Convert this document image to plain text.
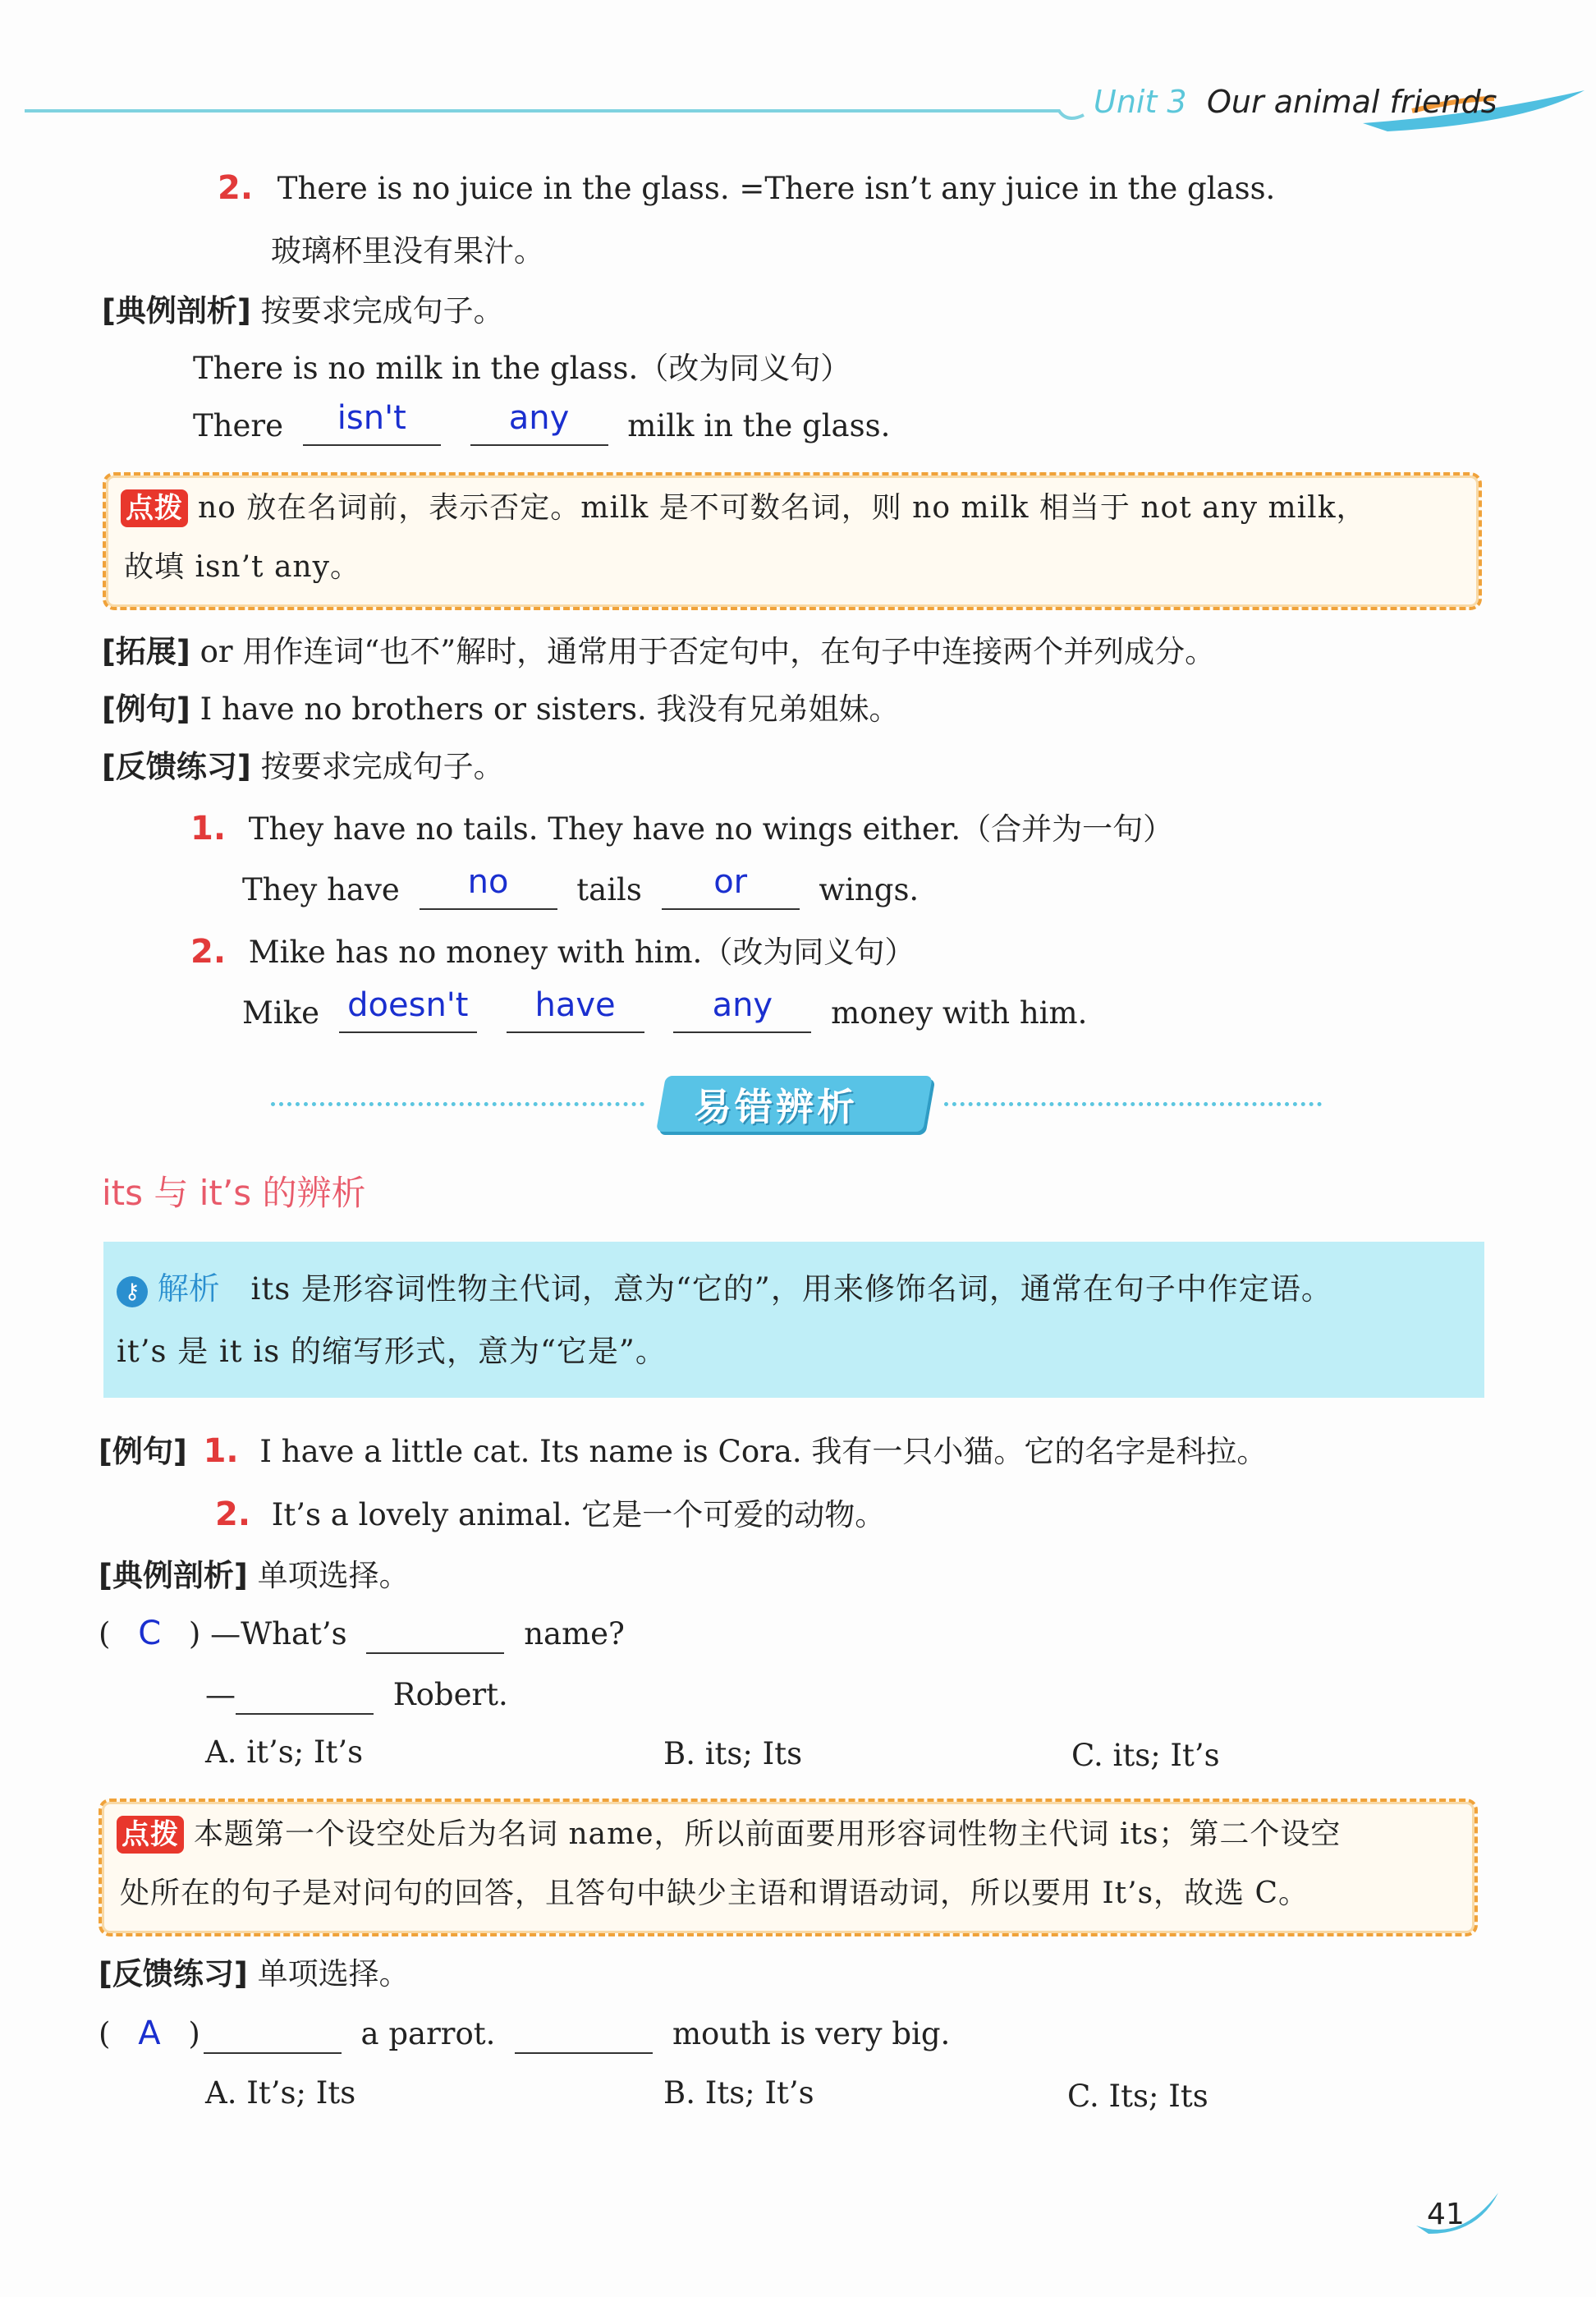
Unit 3 Our animal friends
2. There is no juice in the glass. =There isn’t any juice in the glass.
玻璃杯里没有果汁。
[典例剖析] 按要求完成句子。
There is no milk in the glass.（改为同义句）
There isn't	any milk in the glass.
点拨 no 放在名词前，表示否定。milk 是不可数名词，则 no milk 相当于 not any milk，
故填 isn’t any。
[拓展] or 用作连词“也不”解时，通常用于否定句中，在句子中连接两个并列成分。
[例句] I have no brothers or sisters. 我没有兄弟姐妹。
[反馈练习] 按要求完成句子。
1. They have no tails. They have no wings either.（合并为一句）
They have no tails or wings.
2. Mike has no money with him.（改为同义句）
Mike doesn't have	any money with him.
易错辨析
its 与 it’s 的辨析
⚷ 解析 its 是形容词性物主代词，意为“它的”，用来修饰名词，通常在句子中作定语。
it’s 是 it is 的缩写形式，意为“它是”。
[例句] 1. I have a little cat. Its name is Cora. 我有一只小猫。它的名字是科拉。
2. It’s a lovely animal. 它是一个可爱的动物。
[典例剖析] 单项选择。
( C ) —What’s	name?
—	Robert.
A. it’s; It’s	B. its; Its	C. its; It’s
点拨 本题第一个设空处后为名词 name，所以前面要用形容词性物主代词 its；第二个设空
处所在的句子是对问句的回答，且答句中缺少主语和谓语动词，所以要用 It’s，故选 C。
[反馈练习] 单项选择。
( A )	a parrot.	mouth is very big.
A. It’s; Its	B. Its; It’s	C. Its; Its
41
